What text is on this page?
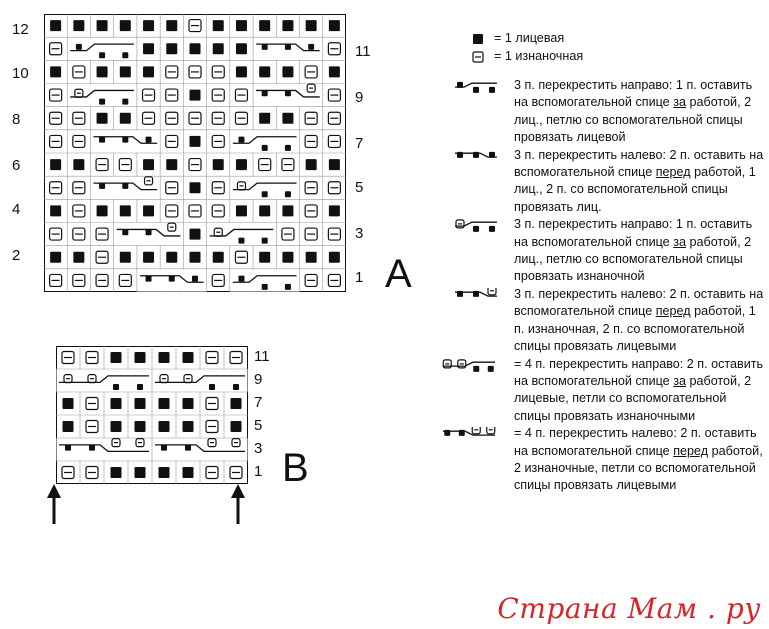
12
10
8
6
4
2
11
9
7
5
3
1 A
11
9
7
5
3
1 B
= 1 лицевая
= 1 изнаночная
3 п. перекрестить направо: 1 п. оставить на вспомогательной спице за работой, 2 лиц., петлю со вспомогательной спицы провязать лицевой
3 п. перекрестить налево: 2 п. оставить на вспомогательной спице перед работой, 1 лиц., 2 п. со вспомогательной спицы провязать лиц.
3 п. перекрестить направо: 1 п. оставить на вспомогательной спице за работой, 2 лиц., петлю со вспомогательной спицы провязать изнаночной
3 п. перекрестить налево: 2 п. оставить на вспомогательной спице перед работой, 1 п. изнаночная, 2 п. со вспомогательной спицы провязать лицевыми
= 4 п. перекрестить направо: 2 п. оставить на вспомогательной спице за работой, 2 лицевые, петли со вспомогательной спицы провязать изнаночными
= 4 п. перекрестить налево: 2 п. оставить на вспомогательной спице перед работой, 2 изнаночные, петли со вспомогательной спицы провязать лицевыми
Страна Мам . ру
